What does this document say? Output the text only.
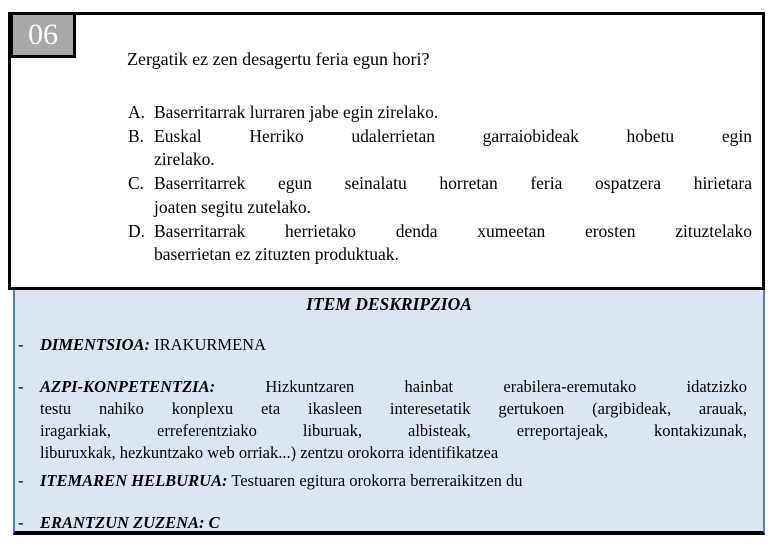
Zergatik ez zen desagertu feria egun hori?
A. Baserritarrak lurraren jabe egin zirelako.
B. Euskal Herriko udalerrietan garraiobideak hobetu egin
zirelako.
C. Baserritarrek egun seinalatu horretan feria ospatzera hirietara
joaten segitu zutelako.
D. Baserritarrak herrietako denda xumeetan erosten zituztelako
baserrietan ez zituzten produktuak.
06
ITEM DESKRIPZIOA
- DIMENTSIOA: IRAKURMENA
- AZPI-KONPETENTZIA:	Hizkuntzaren hainbat erabilera-eremutako idatzizko
testu nahiko konplexu eta ikasleen interesetatik gertukoen (argibideak, arauak,
iragarkiak, erreferentziako liburuak, albisteak, erreportajeak, kontakizunak,
liburuxkak, hezkuntzako web orriak...) zentzu orokorra identifikatzea
- ITEMAREN HELBURUA: Testuaren egitura orokorra berreraikitzen du
- ERANTZUN ZUZENA: C
